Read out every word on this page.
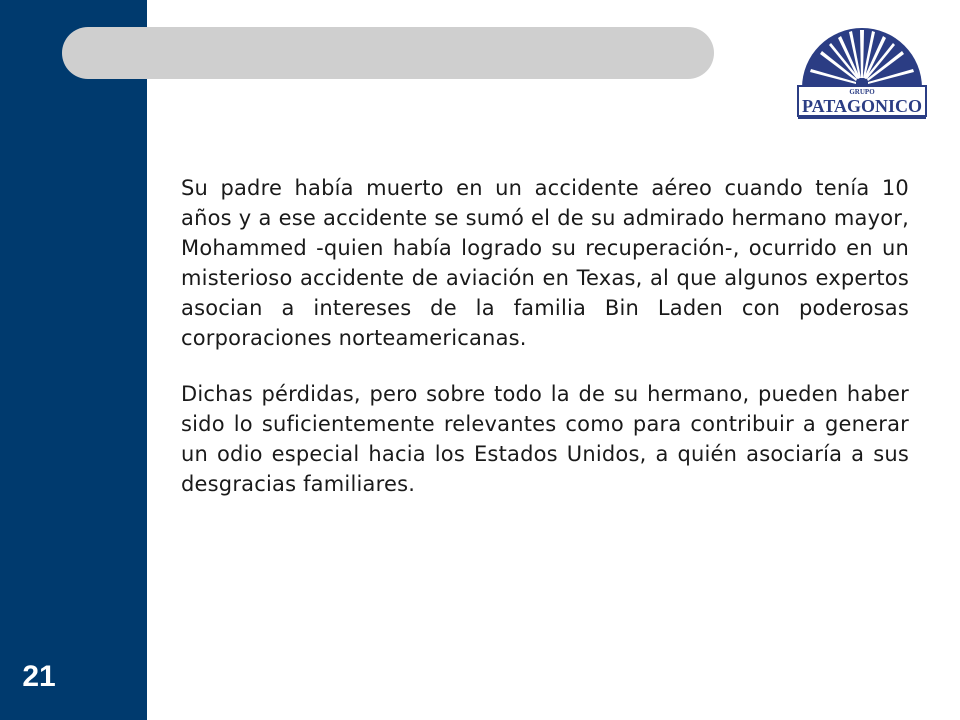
21
GRUPO
PATAGONICO

Su padre había muerto en un accidente aéreo cuando tenía 10 años y a ese accidente se sumó el de su admirado hermano mayor, Mohammed -quien había logrado su recuperación-, ocurrido en un misterioso accidente de aviación en Texas, al que algunos expertos asocian a intereses de la familia Bin Laden con poderosas corporaciones norteamericanas.

Dichas pérdidas, pero sobre todo la de su hermano, pueden haber sido lo suficientemente relevantes como para contribuir a generar un odio especial hacia los Estados Unidos, a quién asociaría a sus desgracias familiares.
